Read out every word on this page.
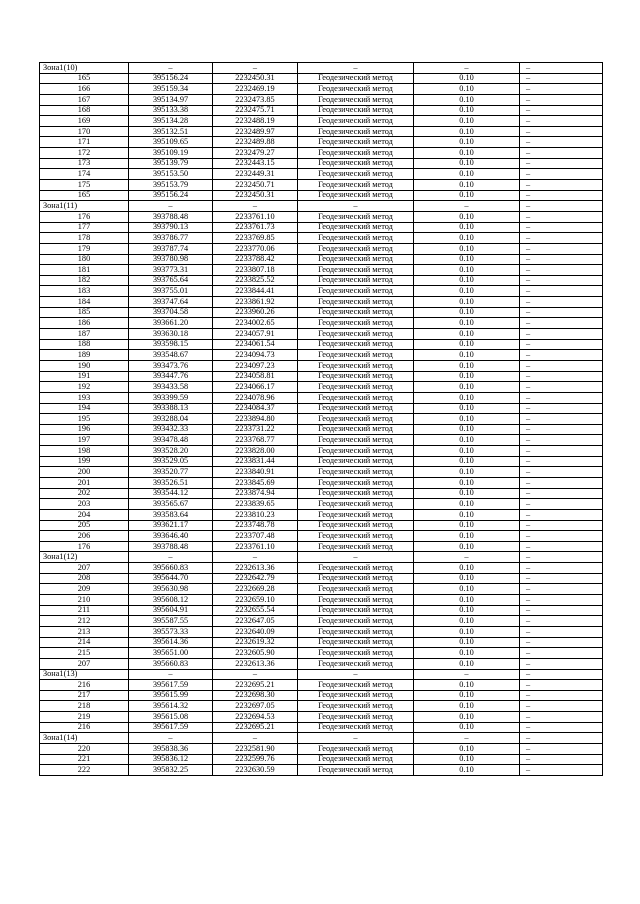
Зона1(10)	–	–	–	–	–
165	395156.24	2232450.31	Геодезический метод	0.10	–
166	395159.34	2232469.19	Геодезический метод	0.10	–
167	395134.97	2232473.85	Геодезический метод	0.10	–
168	395133.38	2232475.71	Геодезический метод	0.10	–
169	395134.28	2232488.19	Геодезический метод	0.10	–
170	395132.51	2232489.97	Геодезический метод	0.10	–
171	395109.65	2232489.88	Геодезический метод	0.10	–
172	395109.19	2232479.27	Геодезический метод	0.10	–
173	395139.79	2232443.15	Геодезический метод	0.10	–
174	395153.50	2232449.31	Геодезический метод	0.10	–
175	395153.79	2232450.71	Геодезический метод	0.10	–
165	395156.24	2232450.31	Геодезический метод	0.10	–
Зона1(11)	–	–	–	–	–
176	393788.48	2233761.10	Геодезический метод	0.10	–
177	393790.13	2233761.73	Геодезический метод	0.10	–
178	393786.77	2233769.85	Геодезический метод	0.10	–
179	393787.74	2233770.06	Геодезический метод	0.10	–
180	393780.98	2233788.42	Геодезический метод	0.10	–
181	393773.31	2233807.18	Геодезический метод	0.10	–
182	393765.64	2233825.52	Геодезический метод	0.10	–
183	393755.01	2233844.41	Геодезический метод	0.10	–
184	393747.64	2233861.92	Геодезический метод	0.10	–
185	393704.58	2233960.26	Геодезический метод	0.10	–
186	393661.20	2234002.65	Геодезический метод	0.10	–
187	393630.18	2234057.91	Геодезический метод	0.10	–
188	393598.15	2234061.54	Геодезический метод	0.10	–
189	393548.67	2234094.73	Геодезический метод	0.10	–
190	393473.76	2234097.23	Геодезический метод	0.10	–
191	393447.76	2234058.81	Геодезический метод	0.10	–
192	393433.58	2234066.17	Геодезический метод	0.10	–
193	393399.59	2234078.96	Геодезический метод	0.10	–
194	393388.13	2234084.37	Геодезический метод	0.10	–
195	393288.04	2233894.80	Геодезический метод	0.10	–
196	393432.33	2233731.22	Геодезический метод	0.10	–
197	393478.48	2233768.77	Геодезический метод	0.10	–
198	393528.20	2233828.00	Геодезический метод	0.10	–
199	393529.05	2233831.44	Геодезический метод	0.10	–
200	393520.77	2233840.91	Геодезический метод	0.10	–
201	393526.51	2233845.69	Геодезический метод	0.10	–
202	393544.12	2233874.94	Геодезический метод	0.10	–
203	393565.67	2233839.65	Геодезический метод	0.10	–
204	393583.64	2233810.23	Геодезический метод	0.10	–
205	393621.17	2233748.78	Геодезический метод	0.10	–
206	393646.40	2233707.48	Геодезический метод	0.10	–
176	393788.48	2233761.10	Геодезический метод	0.10	–
Зона1(12)	–	–	–	–	–
207	395660.83	2232613.36	Геодезический метод	0.10	–
208	395644.70	2232642.79	Геодезический метод	0.10	–
209	395630.98	2232669.28	Геодезический метод	0.10	–
210	395608.12	2232659.10	Геодезический метод	0.10	–
211	395604.91	2232655.54	Геодезический метод	0.10	–
212	395587.55	2232647.05	Геодезический метод	0.10	–
213	395573.33	2232640.09	Геодезический метод	0.10	–
214	395614.36	2232619.32	Геодезический метод	0.10	–
215	395651.00	2232605.90	Геодезический метод	0.10	–
207	395660.83	2232613.36	Геодезический метод	0.10	–
Зона1(13)	–	–	–	–	–
216	395617.59	2232695.21	Геодезический метод	0.10	–
217	395615.99	2232698.30	Геодезический метод	0.10	–
218	395614.32	2232697.05	Геодезический метод	0.10	–
219	395615.08	2232694.53	Геодезический метод	0.10	–
216	395617.59	2232695.21	Геодезический метод	0.10	–
Зона1(14)	–	–	–	–	–
220	395838.36	2232581.90	Геодезический метод	0.10	–
221	395836.12	2232599.76	Геодезический метод	0.10	–
222	395832.25	2232630.59	Геодезический метод	0.10	–
